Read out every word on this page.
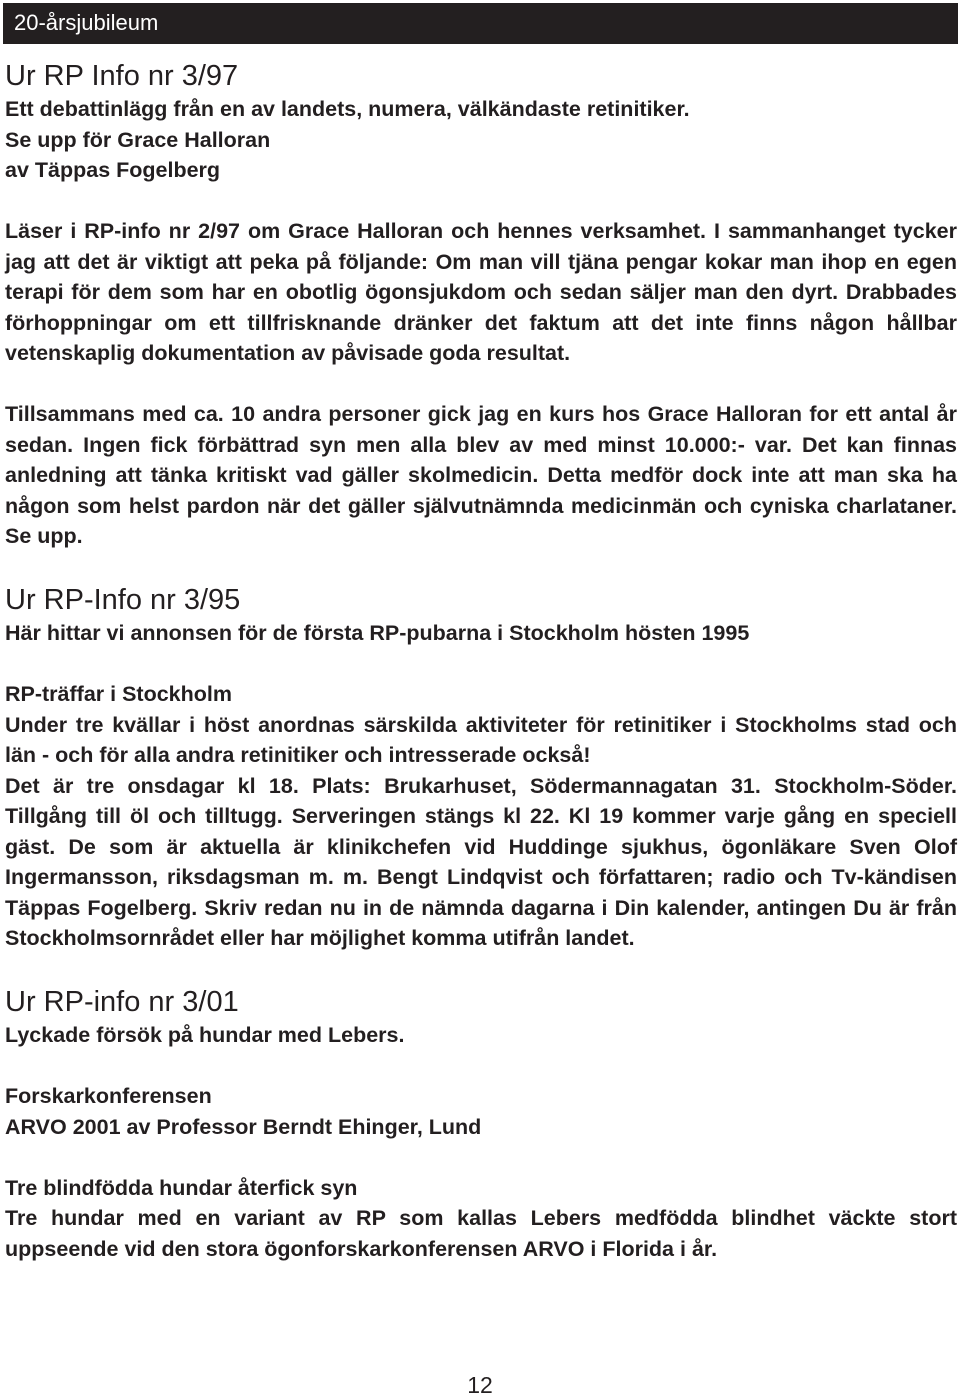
20-årsjubileum
Ur RP Info nr 3/97

Ett debattinlägg från en av landets, numera, välkändaste retinitiker.

Se upp för Grace Halloran

av Täppas Fogelberg

Läser i RP-info nr 2/97 om Grace Halloran och hennes verksamhet. I sammanhanget tycker jag att det är viktigt att peka på följande: Om man vill tjäna pengar kokar man ihop en egen terapi för dem som har en obotlig ögonsjukdom och sedan säljer man den dyrt. Drabbades förhoppningar om ett tillfrisknande dränker det faktum att det inte finns någon hållbar vetenskaplig dokumentation av påvisade goda resultat.

Tillsammans med ca. 10 andra personer gick jag en kurs hos Grace Halloran for ett antal år sedan. Ingen fick förbättrad syn men alla blev av med minst 10.000:- var. Det kan finnas anledning att tänka kritiskt vad gäller skolmedicin. Detta medför dock inte att man ska ha någon som helst pardon när det gäller självutnämnda medicinmän och cyniska charlataner. Se upp.

Ur RP-Info nr 3/95

Här hittar vi annonsen för de första RP-pubarna i Stockholm hösten 1995

RP-träffar i Stockholm

Under tre kvällar i höst anordnas särskilda aktiviteter för retinitiker i Stockholms stad och län - och för alla andra retinitiker och intresserade också!

Det är tre onsdagar kl 18. Plats: Brukarhuset, Södermannagatan 31. Stockholm-Söder. Tillgång till öl och tilltugg. Serveringen stängs kl 22. Kl 19 kommer varje gång en speciell gäst. De som är aktuella är klinikchefen vid Huddinge sjukhus, ögonläkare Sven Olof Ingermansson, riksdagsman m. m. Bengt Lindqvist och författaren; radio och Tv-kändisen Täppas Fogelberg. Skriv redan nu in de nämnda dagarna i Din kalender, antingen Du är från Stockholmsornrådet eller har möjlighet komma utifrån landet.

Ur RP-info nr 3/01

Lyckade försök på hundar med Lebers.

Forskarkonferensen

ARVO 2001 av Professor Berndt Ehinger, Lund

Tre blindfödda hundar återfick syn

Tre hundar med en variant av RP som kallas Lebers medfödda blindhet väckte stort uppseende vid den stora ögonforskarkonferensen ARVO i Florida i år.

12
